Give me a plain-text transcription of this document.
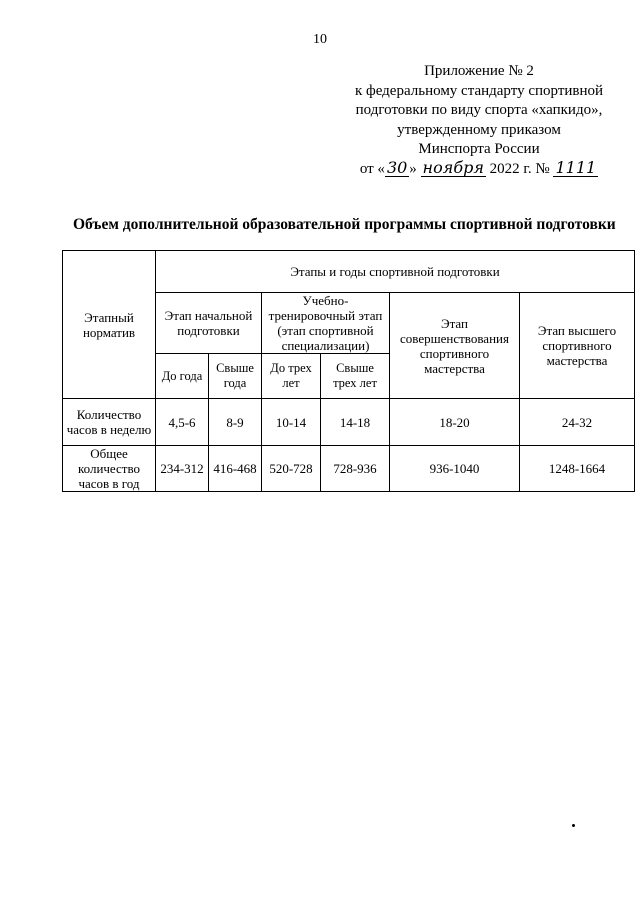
10
Приложение № 2
к федеральному стандарту спортивной
подготовки по виду спорта «хапкидо»,
утвержденному приказом
Минспорта России
от « 30 » ноября 2022 г. № 1111
Объем дополнительной образовательной программы спортивной подготовки
Этапный норматив	Этапы и годы спортивной подготовки					
	Этап начальной подготовки		Учебно-тренировочный этап (этап спортивной специализации)		Этап совершенствования спортивного мастерства	Этап высшего спортивного мастерства
	До года	Свыше года	До трех лет	Свыше трех лет		
Количество часов в неделю	4,5-6	8-9	10-14	14-18	18-20	24-32
Общее количество часов в год	234-312	416-468	520-728	728-936	936-1040	1248-1664
